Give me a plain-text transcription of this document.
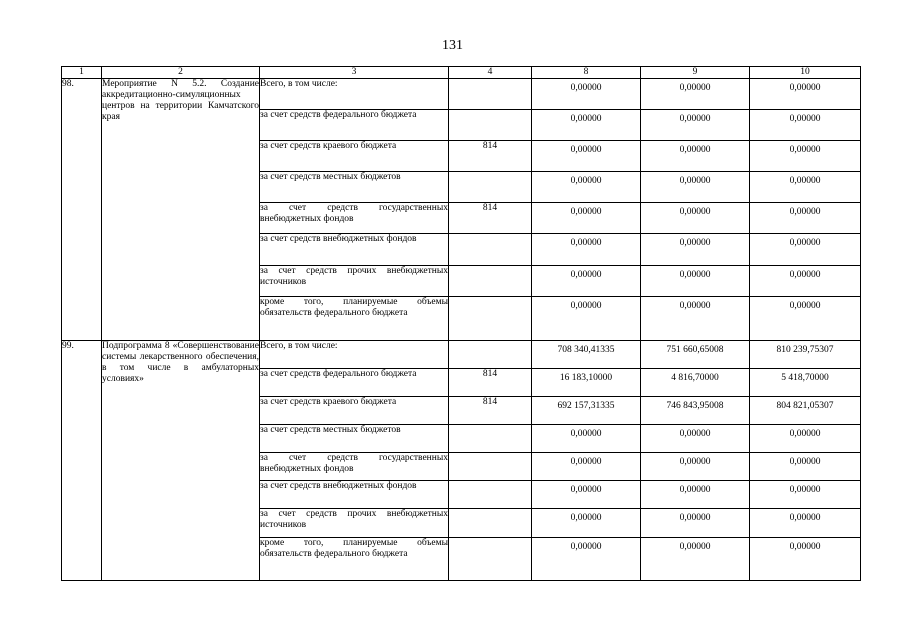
131
1	2	3	4	8	9	10
98.	Мероприятие N 5.2. Создание аккредитационно-симуляционных центров на территории Камчатского края	Всего, в том числе:		0,00000	0,00000	0,00000
		за счет средств федерального бюджета		0,00000	0,00000	0,00000
		за счет средств краевого бюджета	814	0,00000	0,00000	0,00000
		за счет средств местных бюджетов		0,00000	0,00000	0,00000
		за счет средств государственных внебюджетных фондов	814	0,00000	0,00000	0,00000
		за счет средств внебюджетных фондов		0,00000	0,00000	0,00000
		за счет средств прочих внебюджетных источников		0,00000	0,00000	0,00000
		кроме того, планируемые объемы обязательств федерального бюджета		0,00000	0,00000	0,00000
99.	Подпрограмма 8 «Совершенствование системы лекарственного обеспечения, в том числе в амбулаторных условиях»	Всего, в том числе:		708 340,41335	751 660,65008	810 239,75307
		за счет средств федерального бюджета	814	16 183,10000	4 816,70000	5 418,70000
		за счет средств краевого бюджета	814	692 157,31335	746 843,95008	804 821,05307
		за счет средств местных бюджетов		0,00000	0,00000	0,00000
		за счет средств государственных внебюджетных фондов		0,00000	0,00000	0,00000
		за счет средств внебюджетных фондов		0,00000	0,00000	0,00000
		за счет средств прочих внебюджетных источников		0,00000	0,00000	0,00000
		кроме того, планируемые объемы обязательств федерального бюджета		0,00000	0,00000	0,00000
